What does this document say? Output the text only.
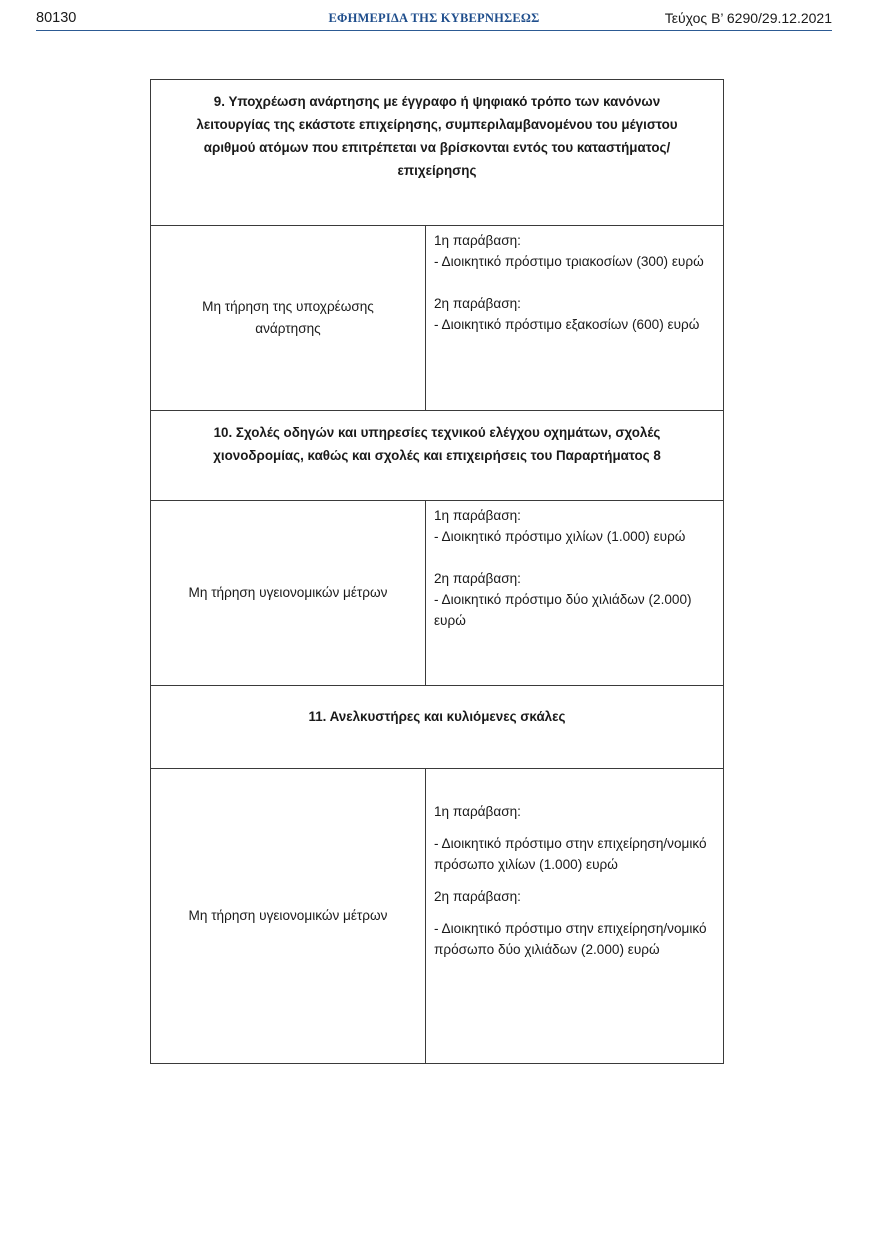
80130	ΕΦΗΜΕΡΙΔΑ ΤΗΣ ΚΥΒΕΡΝΗΣΕΩΣ	Τεύχος Β’ 6290/29.12.2021
9. Υποχρέωση ανάρτησης με έγγραφο ή ψηφιακό τρόπο των κανόνων λειτουργίας της εκάστοτε επιχείρησης, συμπεριλαμβανομένου του μέγιστου αριθμού ατόμων που επιτρέπεται να βρίσκονται εντός του καταστήματος/επιχείρησης	

Μη τήρηση της υποχρέωσης ανάρτησης	1η παράβαση:

- Διοικητικό πρόστιμο τριακοσίων (300) ευρώ

2η παράβαση:

- Διοικητικό πρόστιμο εξακοσίων (600) ευρώ

10. Σχολές οδηγών και υπηρεσίες τεχνικού ελέγχου οχημάτων, σχολές χιονοδρομίας, καθώς και σχολές και επιχειρήσεις του Παραρτήματος 8	

Μη τήρηση υγειονομικών μέτρων	1η παράβαση:

- Διοικητικό πρόστιμο χιλίων (1.000) ευρώ

2η παράβαση:

- Διοικητικό πρόστιμο δύο χιλιάδων (2.000) ευρώ

11. Ανελκυστήρες και κυλιόμενες σκάλες	

Μη τήρηση υγειονομικών μέτρων	1η παράβαση:

- Διοικητικό πρόστιμο στην επιχείρηση/νομικό πρόσωπο χιλίων (1.000) ευρώ

2η παράβαση:

- Διοικητικό πρόστιμο στην επιχείρηση/νομικό πρόσωπο δύο χιλιάδων (2.000) ευρώ
